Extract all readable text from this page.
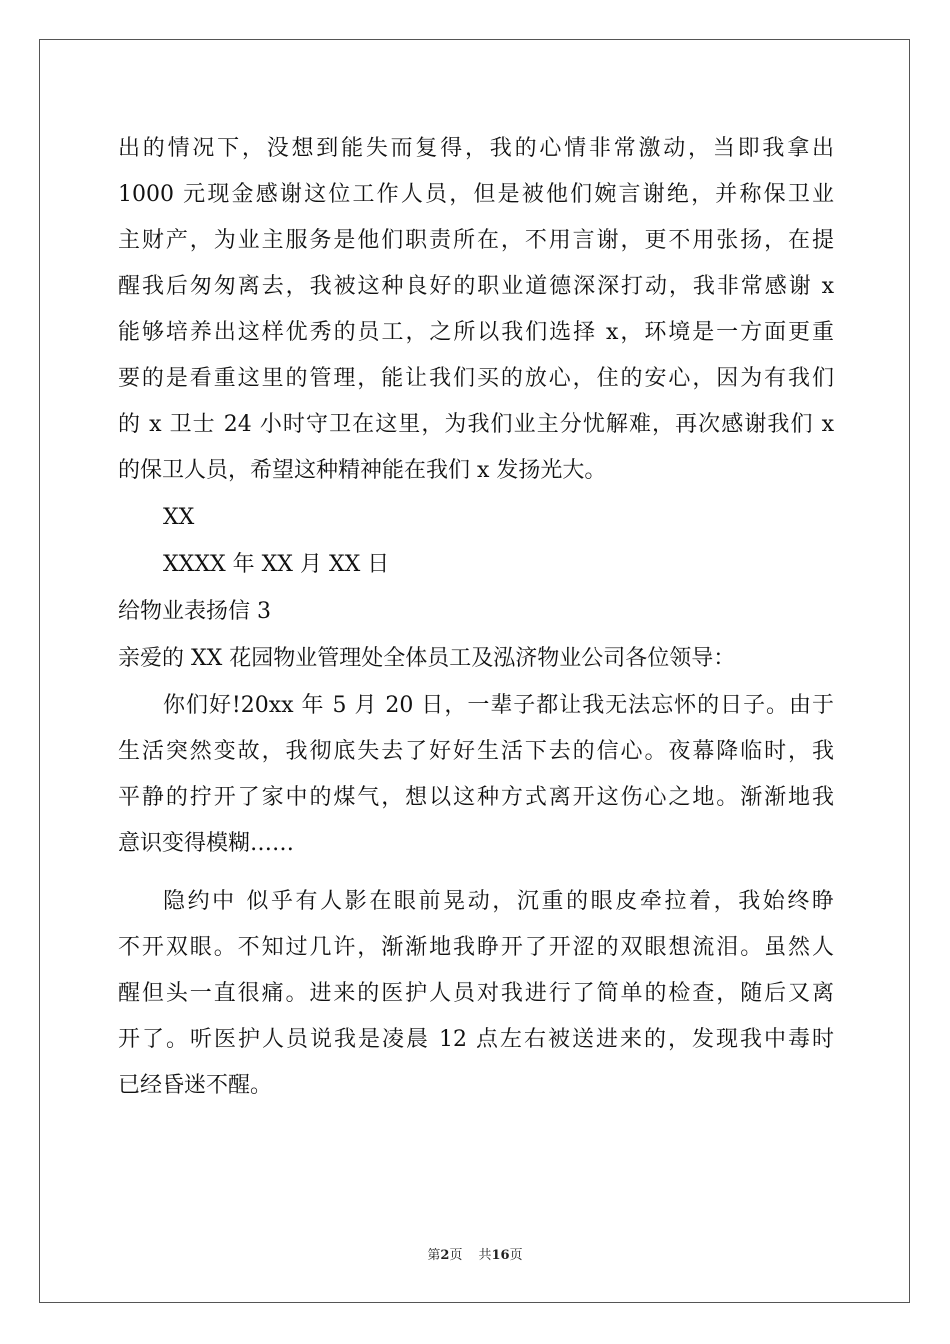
出的情况下，没想到能失而复得，我的心情非常激动，当即我拿出
1000 元现金感谢这位工作人员，但是被他们婉言谢绝，并称保卫业
主财产，为业主服务是他们职责所在，不用言谢，更不用张扬，在提
醒我后匆匆离去，我被这种良好的职业道德深深打动，我非常感谢 x
能够培养出这样优秀的员工，之所以我们选择 x，环境是一方面更重
要的是看重这里的管理，能让我们买的放心，住的安心，因为有我们
的 x 卫士 24 小时守卫在这里，为我们业主分忧解难，再次感谢我们 x
的保卫人员，希望这种精神能在我们 x 发扬光大。
XX
XXXX 年 XX 月 XX 日
给物业表扬信 3
亲爱的 XX 花园物业管理处全体员工及泓济物业公司各位领导：
你们好!20xx 年 5 月 20 日，一辈子都让我无法忘怀的日子。由于
生活突然变故，我彻底失去了好好生活下去的信心。夜幕降临时，我
平静的拧开了家中的煤气，想以这种方式离开这伤心之地。渐渐地我
意识变得模糊……
隐约中 似乎有人影在眼前晃动，沉重的眼皮牵拉着，我始终睁
不开双眼。不知过几许，渐渐地我睁开了开涩的双眼想流泪。虽然人
醒但头一直很痛。进来的医护人员对我进行了简单的检查，随后又离
开了。听医护人员说我是凌晨 12 点左右被送进来的，发现我中毒时
已经昏迷不醒。
第2页 共16页
